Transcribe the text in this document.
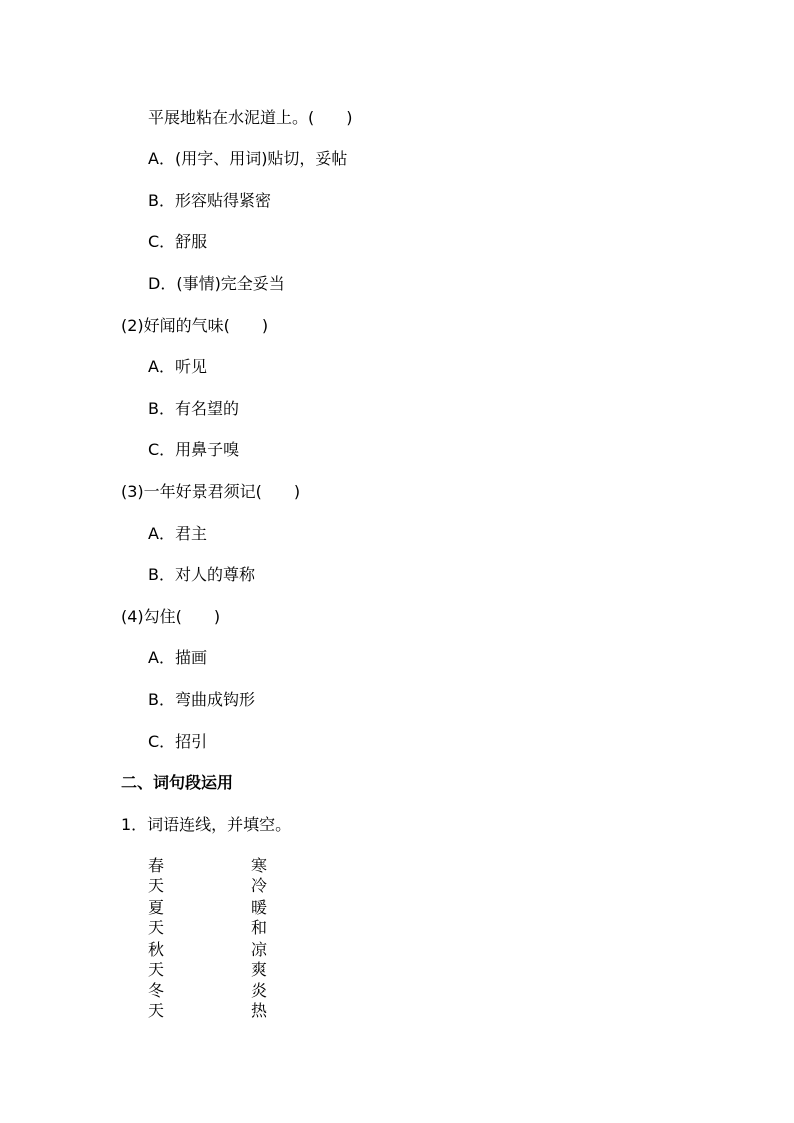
平展地粘在水泥道上。(　　)
A．(用字、用词)贴切，妥帖
B．形容贴得紧密
C．舒服
D．(事情)完全妥当
(2)好闻的气味(　　)
A．听见
B．有名望的
C．用鼻子嗅
(3)一年好景君须记(　　)
A．君主
B．对人的尊称
(4)勾住(　　)
A．描画
B．弯曲成钩形
C．招引
二、词句段运用
1．词语连线，并填空。
春天
寒冷
夏天
暖和
秋天
凉爽
冬天
炎热
